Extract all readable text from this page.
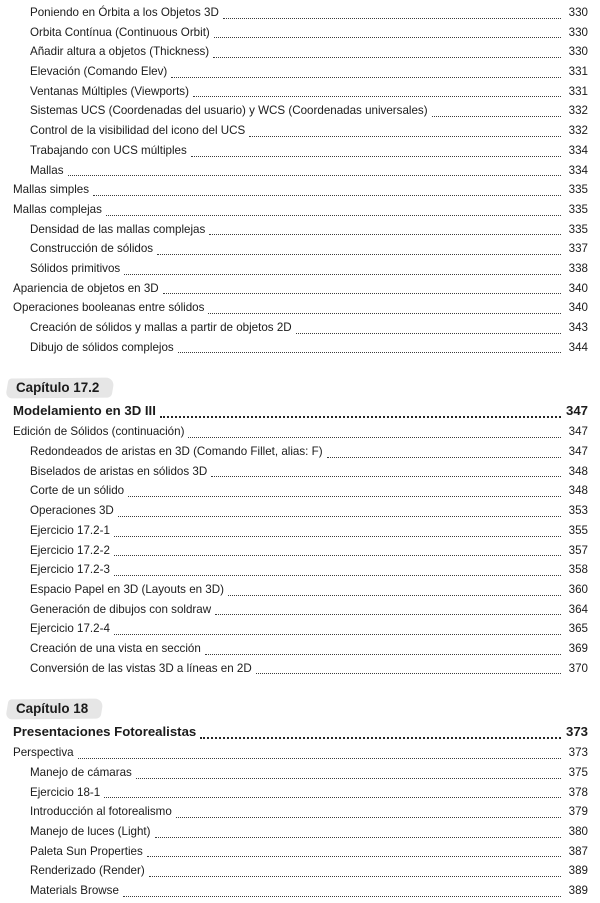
Poniendo en Órbita a los Objetos 3D	330
Orbita Contínua (Continuous Orbit)	330
Añadir altura a objetos (Thickness)	330
Elevación (Comando Elev)	331
Ventanas Múltiples (Viewports)	331
Sistemas UCS (Coordenadas del usuario) y WCS (Coordenadas universales)	332
Control de la visibilidad del icono del UCS	332
Trabajando con UCS múltiples	334
Mallas	334
Mallas simples	335
Mallas complejas	335
Densidad de las mallas complejas	335
Construcción de sólidos	337
Sólidos primitivos	338
Apariencia de objetos en 3D	340
Operaciones booleanas entre sólidos	340
Creación de sólidos y mallas a partir de objetos 2D	343
Dibujo de sólidos complejos	344
Capítulo 17.2
Modelamiento en 3D III	347
Edición de Sólidos (continuación)	347
Redondeados de aristas en 3D (Comando Fillet, alias: F)	347
Biselados de aristas en sólidos 3D	348
Corte de un sólido	348
Operaciones 3D	353
Ejercicio 17.2-1	355
Ejercicio 17.2-2	357
Ejercicio 17.2-3	358
Espacio Papel en 3D (Layouts en 3D)	360
Generación de dibujos con soldraw	364
Ejercicio 17.2-4	365
Creación de una vista en sección	369
Conversión de las vistas 3D a líneas en 2D	370
Capítulo 18
Presentaciones Fotorealistas	373
Perspectiva	373
Manejo de cámaras	375
Ejercicio 18-1	378
Introducción al fotorealismo	379
Manejo de luces (Light)	380
Paleta Sun Properties	387
Renderizado (Render)	389
Materials Browse	389
